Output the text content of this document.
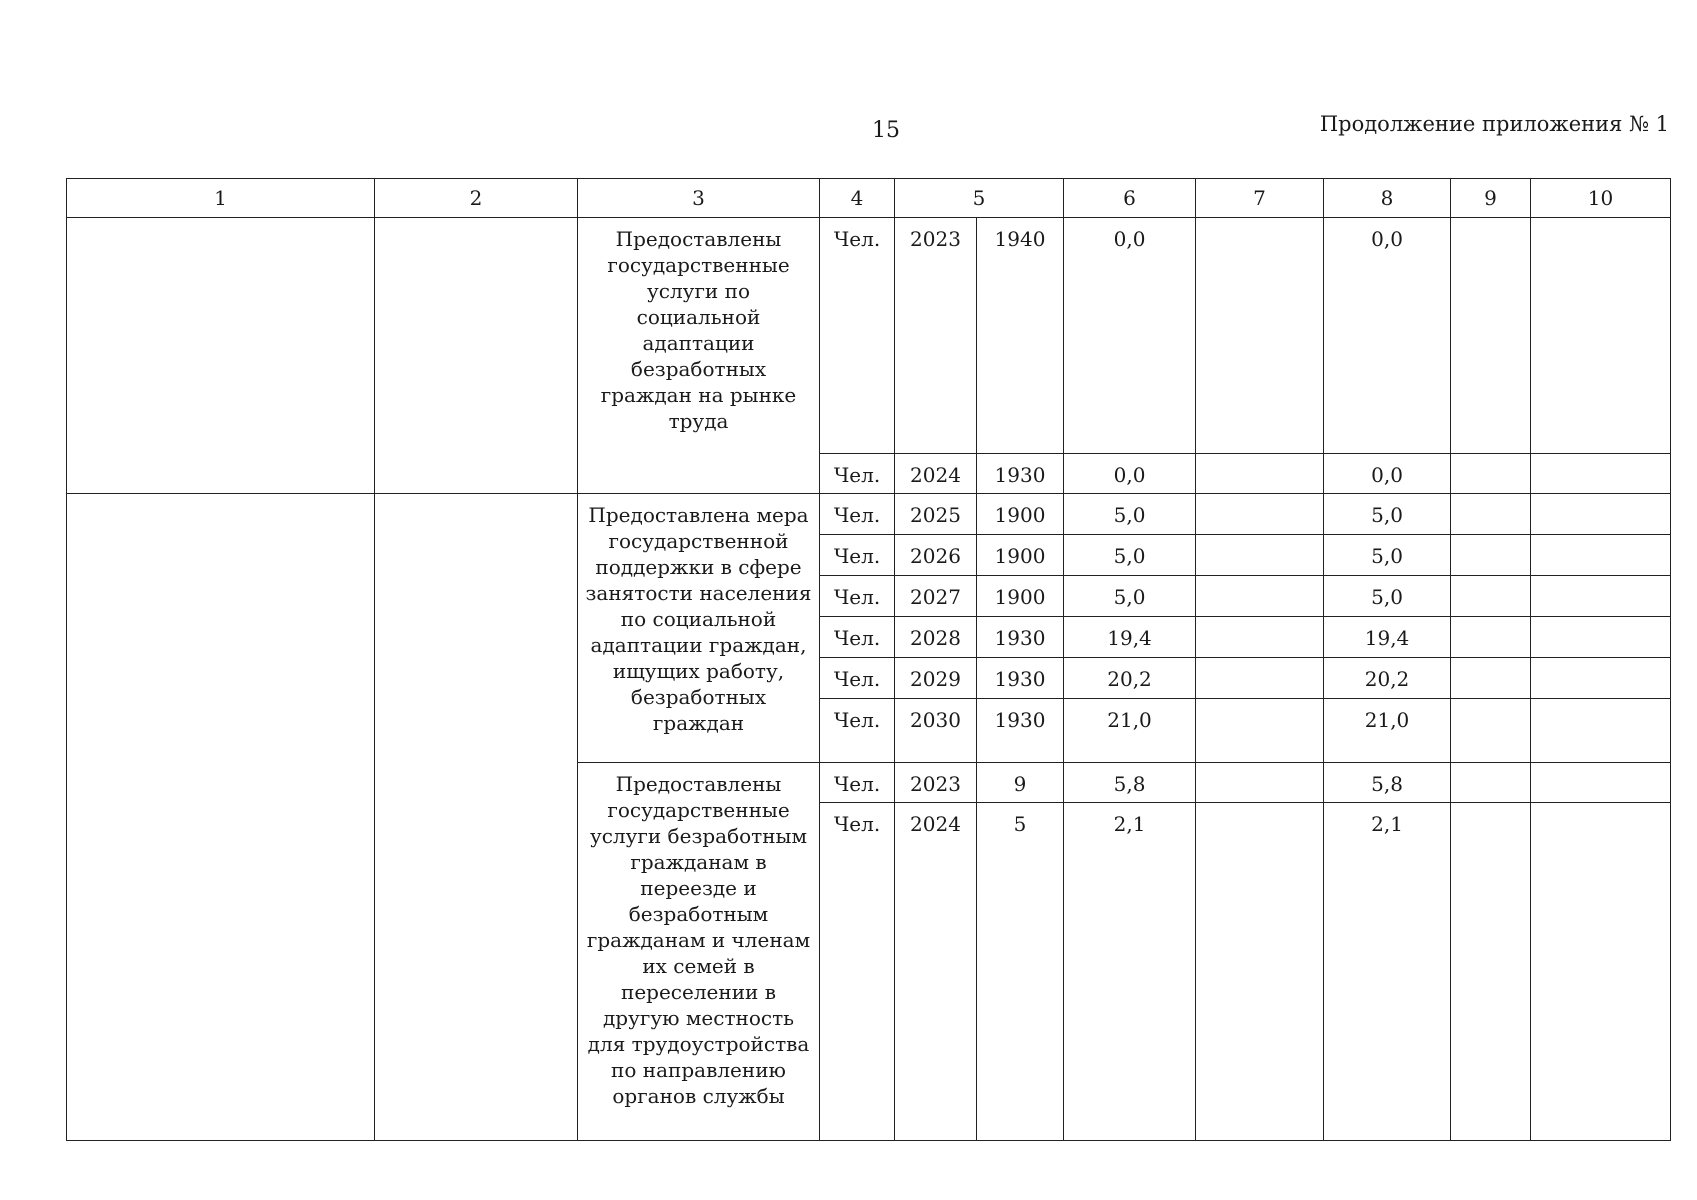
15	Продолжение приложения № 1
1	2	3	4	5		6	7	8	9	10
		Предоставлены государственные услуги по социальной адаптации безработных граждан на рынке труда	Чел.	2023	1940	0,0		0,0		
			Чел.	2024	1930	0,0		0,0		
		Предоставлена мера государственной поддержки в сфере занятости населения по социальной адаптации граждан, ищущих работу, безработных граждан	Чел.	2025	1900	5,0		5,0		
			Чел.	2026	1900	5,0		5,0		
			Чел.	2027	1900	5,0		5,0		
			Чел.	2028	1930	19,4		19,4		
			Чел.	2029	1930	20,2		20,2		
			Чел.	2030	1930	21,0		21,0		
		Предоставлены государственные услуги безработным гражданам в переезде и безработным гражданам и членам их семей в переселении в другую местность для трудоустройства по направлению органов службы	Чел.	2023	9	5,8		5,8		
			Чел.	2024	5	2,1		2,1		
